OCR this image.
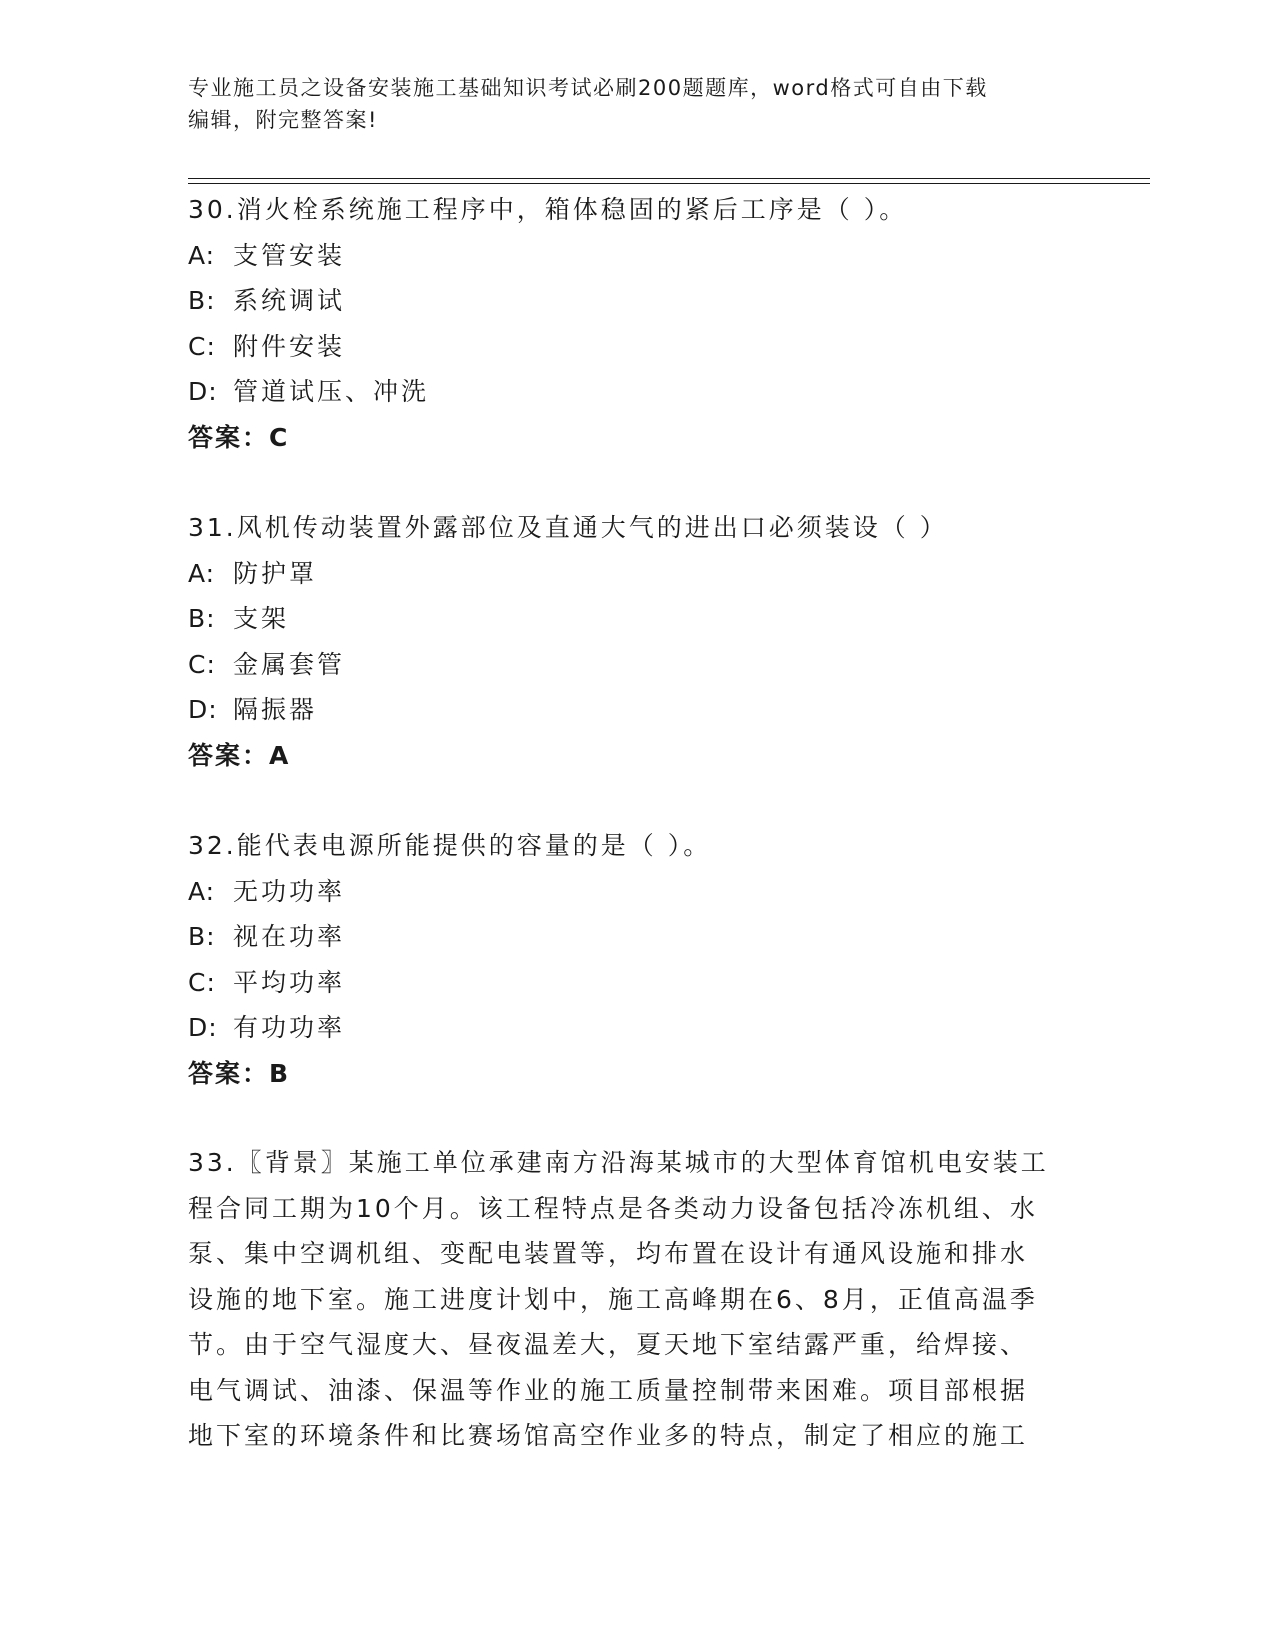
专业施工员之设备安装施工基础知识考试必刷200题题库，word格式可自由下载
编辑，附完整答案!
30.消火栓系统施工程序中，箱体稳固的紧后工序是（ ）。
A: 支管安装
B: 系统调试
C: 附件安装
D: 管道试压、冲洗
答案：C
31.风机传动装置外露部位及直通大气的进出口必须装设（ ）
A: 防护罩
B: 支架
C: 金属套管
D: 隔振器
答案：A
32.能代表电源所能提供的容量的是（ ）。
A: 无功功率
B: 视在功率
C: 平均功率
D: 有功功率
答案：B
33.〖背景〗某施工单位承建南方沿海某城市的大型体育馆机电安装工
程合同工期为10个月。该工程特点是各类动力设备包括冷冻机组、水
泵、集中空调机组、变配电装置等，均布置在设计有通风设施和排水
设施的地下室。施工进度计划中，施工高峰期在6、8月，正值高温季
节。由于空气湿度大、昼夜温差大，夏天地下室结露严重，给焊接、
电气调试、油漆、保温等作业的施工质量控制带来困难。项目部根据
地下室的环境条件和比赛场馆高空作业多的特点，制定了相应的施工
